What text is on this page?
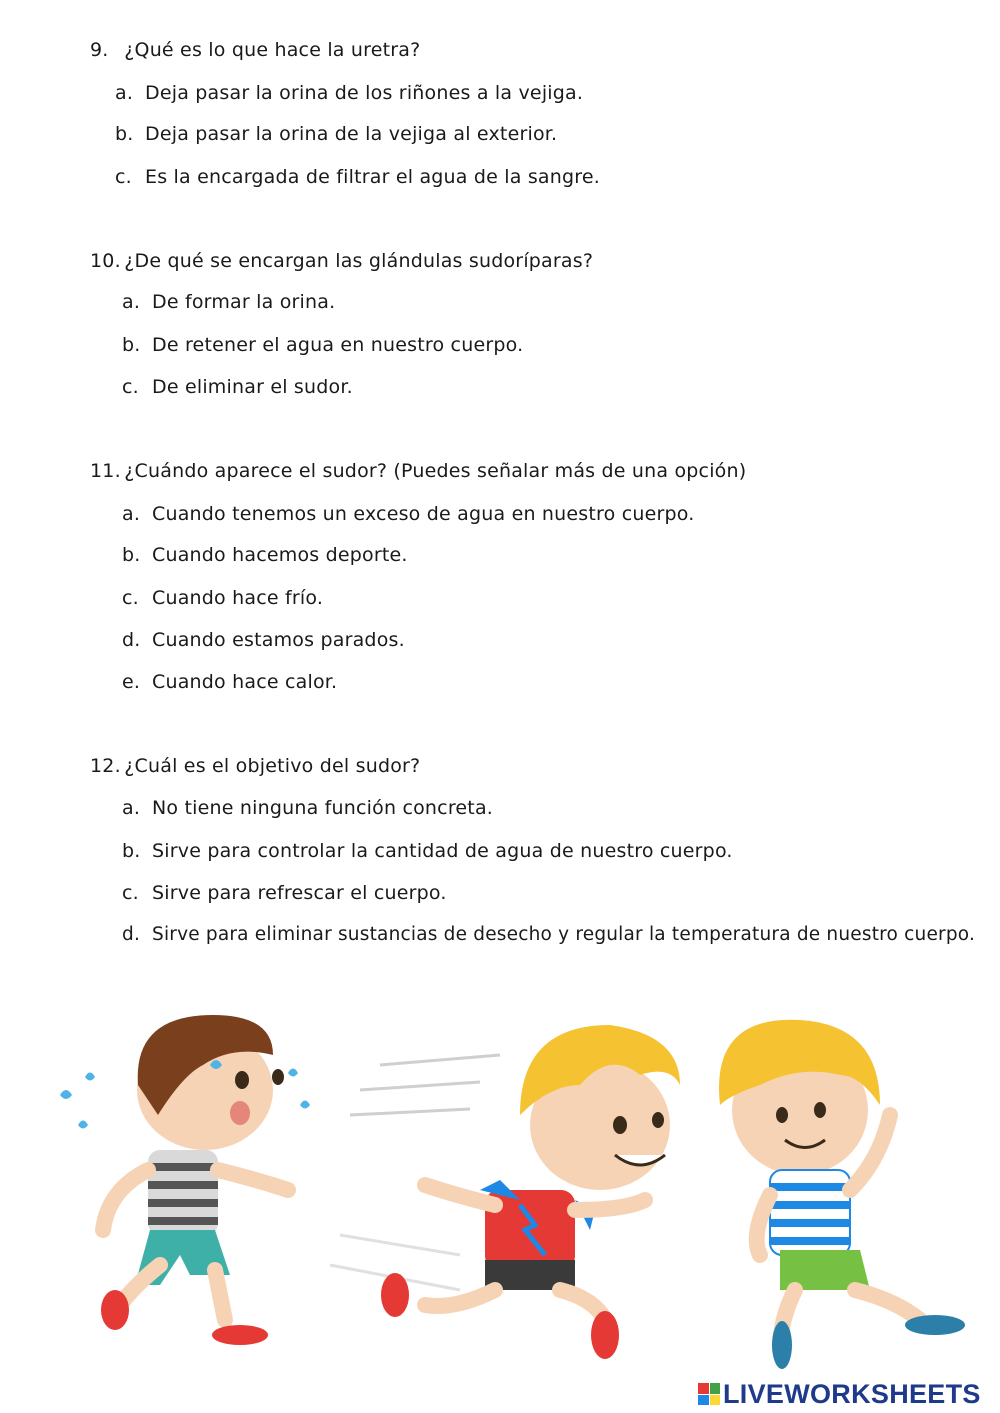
9. ¿Qué es lo que hace la uretra?
a. Deja pasar la orina de los riñones a la vejiga.
b. Deja pasar la orina de la vejiga al exterior.
c. Es la encargada de filtrar el agua de la sangre.
10. ¿De qué se encargan las glándulas sudoríparas?
a. De formar la orina.
b. De retener el agua en nuestro cuerpo.
c. De eliminar el sudor.
11. ¿Cuándo aparece el sudor? (Puedes señalar más de una opción)
a. Cuando tenemos un exceso de agua en nuestro cuerpo.
b. Cuando hacemos deporte.
c. Cuando hace frío.
d. Cuando estamos parados.
e. Cuando hace calor.
12. ¿Cuál es el objetivo del sudor?
a. No tiene ninguna función concreta.
b. Sirve para controlar la cantidad de agua de nuestro cuerpo.
c. Sirve para refrescar el cuerpo.
d. Sirve para eliminar sustancias de desecho y regular la temperatura de nuestro cuerpo.
LIVEWORKSHEETS
